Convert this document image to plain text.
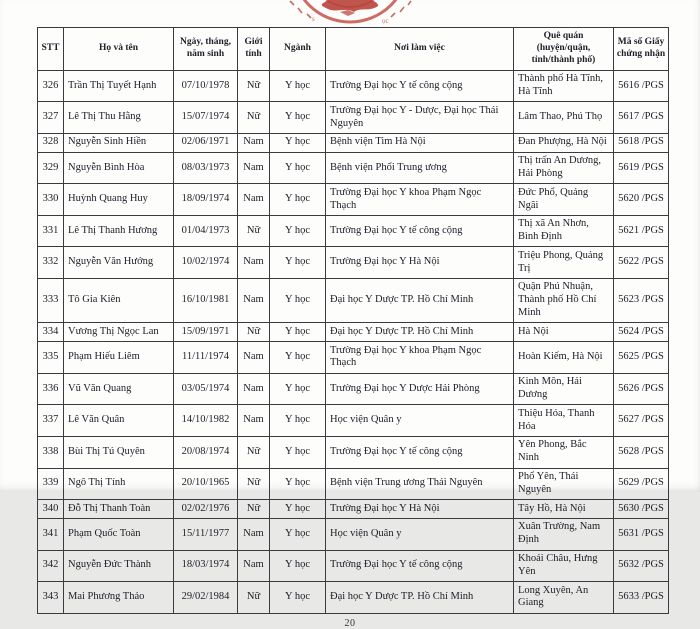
ọc
s
STT	Họ và tên	Ngày, tháng, năm sinh	Giới tính	Ngành	Nơi làm việc	Quê quán (huyện/quận, tỉnh/thành phố)	Mã số Giấy chứng nhận
326	Trần Thị Tuyết Hạnh	07/10/1978	Nữ	Y học	Trường Đại học Y tế công cộng	Thành phố Hà Tĩnh, Hà Tĩnh	5616 /PGS
327	Lê Thị Thu Hằng	15/07/1974	Nữ	Y học	Trường Đại học Y - Dược, Đại học Thái Nguyên	Lâm Thao, Phú Thọ	5617 /PGS
328	Nguyễn Sinh Hiền	02/06/1971	Nam	Y học	Bệnh viện Tim Hà Nội	Đan Phượng, Hà Nội	5618 /PGS
329	Nguyễn Bình Hòa	08/03/1973	Nam	Y học	Bệnh viện Phổi Trung ương	Thị trấn An Dương, Hải Phòng	5619 /PGS
330	Huỳnh Quang Huy	18/09/1974	Nam	Y học	Trường Đại học Y khoa Phạm Ngọc Thạch	Đức Phổ, Quảng Ngãi	5620 /PGS
331	Lê Thị Thanh Hương	01/04/1973	Nữ	Y học	Trường Đại học Y tế công cộng	Thị xã An Nhơn, Bình Định	5621 /PGS
332	Nguyễn Văn Hướng	10/02/1974	Nam	Y học	Trường Đại học Y Hà Nội	Triệu Phong, Quảng Trị	5622 /PGS
333	Tô Gia Kiên	16/10/1981	Nam	Y học	Đại học Y Dược TP. Hồ Chí Minh	Quận Phú Nhuận, Thành phố Hồ Chí Minh	5623 /PGS
334	Vương Thị Ngọc Lan	15/09/1971	Nữ	Y học	Đại học Y Dược TP. Hồ Chí Minh	Hà Nội	5624 /PGS
335	Phạm Hiếu Liêm	11/11/1974	Nam	Y học	Trường Đại học Y khoa Phạm Ngọc Thạch	Hoàn Kiếm, Hà Nội	5625 /PGS
336	Vũ Văn Quang	03/05/1974	Nam	Y học	Trường Đại học Y Dược Hải Phòng	Kinh Môn, Hải Dương	5626 /PGS
337	Lê Văn Quân	14/10/1982	Nam	Y học	Học viện Quân y	Thiệu Hóa, Thanh Hóa	5627 /PGS
338	Bùi Thị Tú Quyên	20/08/1974	Nữ	Y học	Trường Đại học Y tế công cộng	Yên Phong, Bắc Ninh	5628 /PGS
339	Ngô Thị Tính	20/10/1965	Nữ	Y học	Bệnh viện Trung ương Thái Nguyên	Phổ Yên, Thái Nguyên	5629 /PGS
340	Đỗ Thị Thanh Toàn	02/02/1976	Nữ	Y học	Trường Đại học Y Hà Nội	Tây Hồ, Hà Nội	5630 /PGS
341	Phạm Quốc Toàn	15/11/1977	Nam	Y học	Học viện Quân y	Xuân Trường, Nam Định	5631 /PGS
342	Nguyễn Đức Thành	18/03/1974	Nam	Y học	Trường Đại học Y tế công cộng	Khoái Châu, Hưng Yên	5632 /PGS
343	Mai Phương Thảo	29/02/1984	Nữ	Y học	Đại học Y Dược TP. Hồ Chí Minh	Long Xuyên, An Giang	5633 /PGS
20
